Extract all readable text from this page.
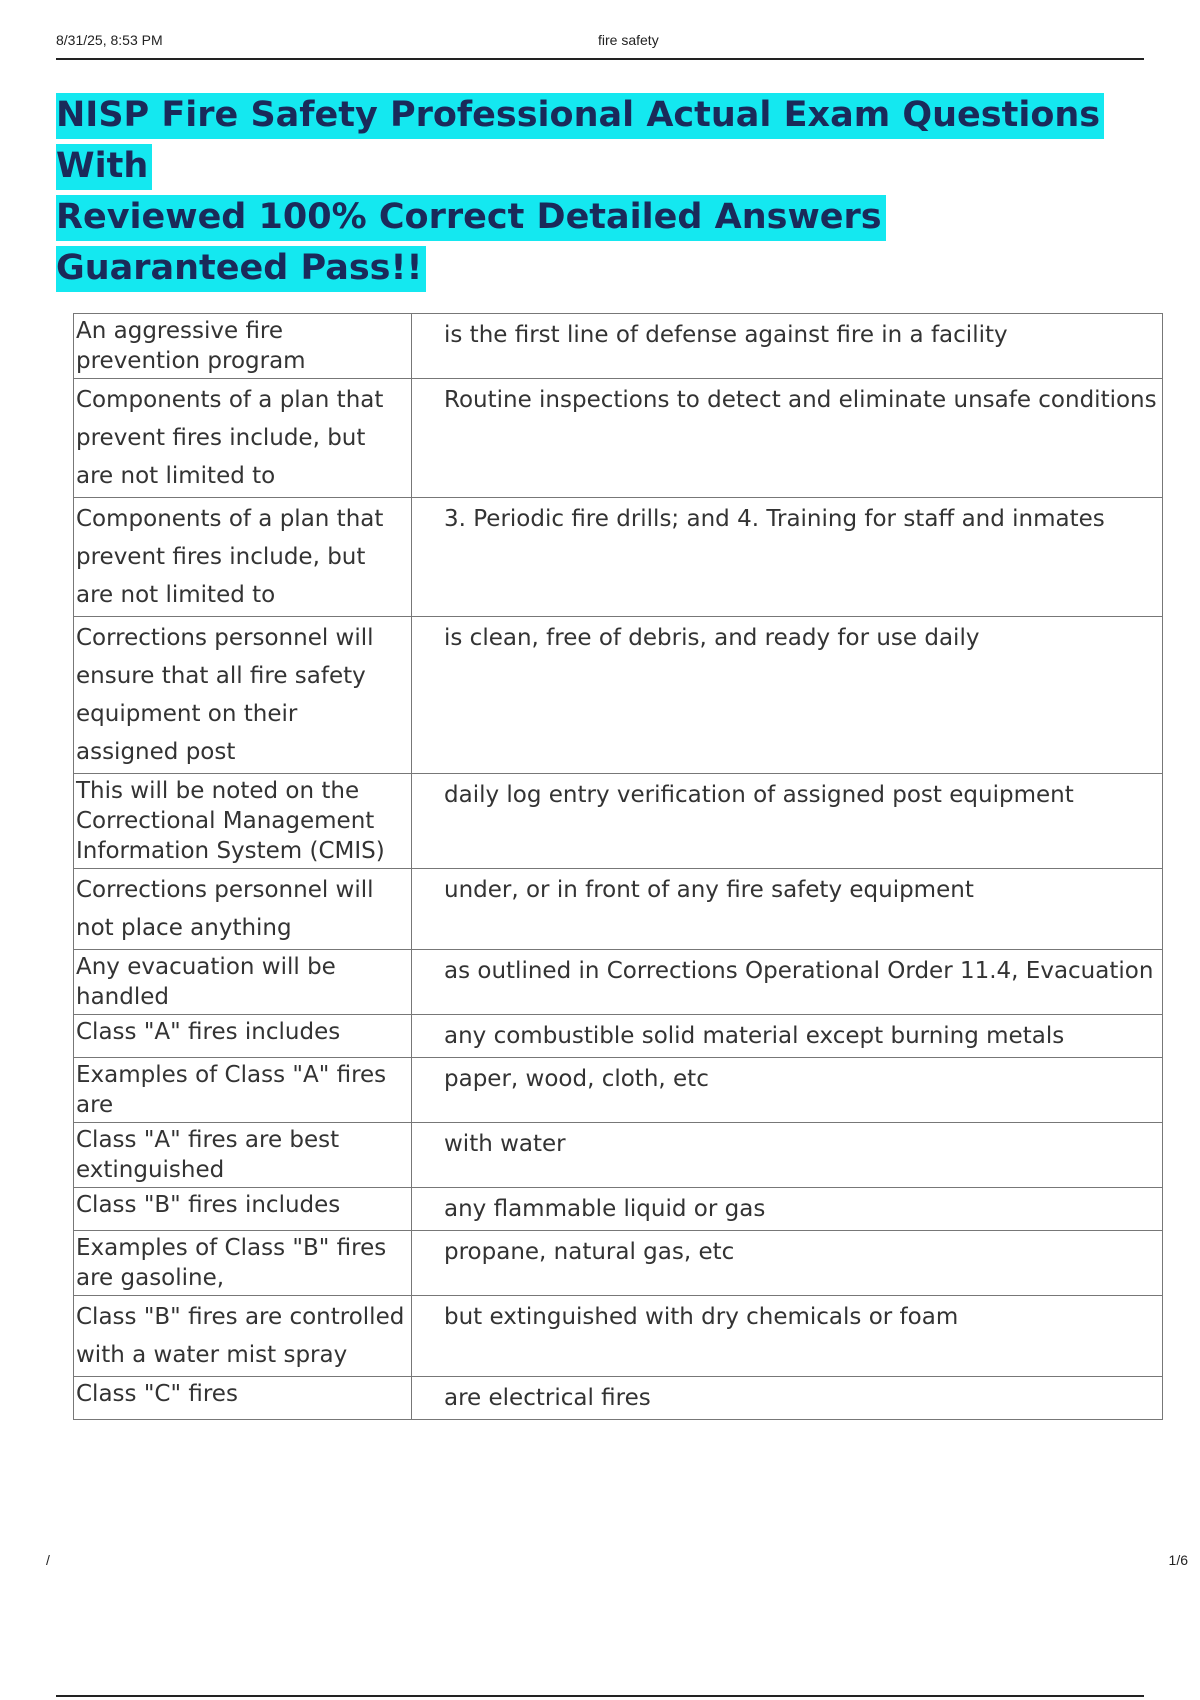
8/31/25, 8:53 PM	fire safety
NISP Fire Safety Professional Actual Exam Questions With
Reviewed 100% Correct Detailed Answers Guaranteed Pass!!
An aggressive fire prevention program	is the first line of defense against fire in a facility
Components of a plan that prevent fires include, but are not limited to	Routine inspections to detect and eliminate unsafe conditions
Components of a plan that prevent fires include, but are not limited to	3. Periodic fire drills; and 4. Training for staff and inmates
Corrections personnel will ensure that all fire safety equipment on their assigned post	is clean, free of debris, and ready for use daily
This will be noted on the Correctional Management Information System (CMIS)	daily log entry verification of assigned post equipment
Corrections personnel will not place anything	under, or in front of any fire safety equipment
Any evacuation will be handled	as outlined in Corrections Operational Order 11.4, Evacuation
Class "A" fires includes	any combustible solid material except burning metals
Examples of Class "A" fires are	paper, wood, cloth, etc
Class "A" fires are best extinguished	with water
Class "B" fires includes	any flammable liquid or gas
Examples of Class "B" fires are gasoline,	propane, natural gas, etc
Class "B" fires are controlled with a water mist spray	but extinguished with dry chemicals or foam
Class "C" fires	are electrical fires
/	1/6
